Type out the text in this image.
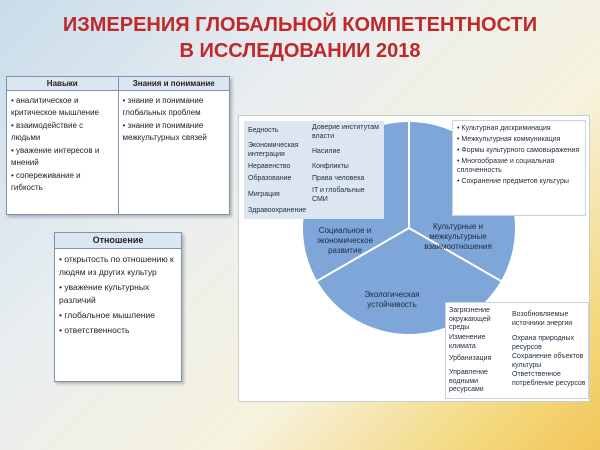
ИЗМЕРЕНИЯ ГЛОБАЛЬНОЙ КОМПЕТЕНТНОСТИ
В ИССЛЕДОВАНИИ 2018
Навыки	Знания и понимание
• аналитическое и критическое мышление
• взаимодействие с людьми
• уважение интересов и мнений
• сопереживание и гибкость
• знание и понимание глобальных проблем
• знание и понимание межкультурных связей
Отношение
• открытость по отношению к людям из других культур
• уважение культурных различий
• глобальное мышление
• ответственность
Социальное и экономическое развитие
Культурные и межкультурные взаимоотношения
Экологическая устойчивость
Бедность
Экономическая интеграция
Неравенство
Образование
Миграция
Здравоохранение
Доверие институтам власти
Насилие
Конфликты
Права человека
IT и глобальные СМИ
• Культурная дискриминация
• Межкультурная коммуникация
• Формы культурного самовыражения
• Многообразие и социальная сплоченность
• Сохранение предметов культуры
Загрязнение окружающей среды
Изменение климата
Урбанизация
Управление водными ресурсами
Возобновляемые источники энергии
Охрана природных ресурсов
Сохранение объектов культуры
Ответственное потребление ресурсов
